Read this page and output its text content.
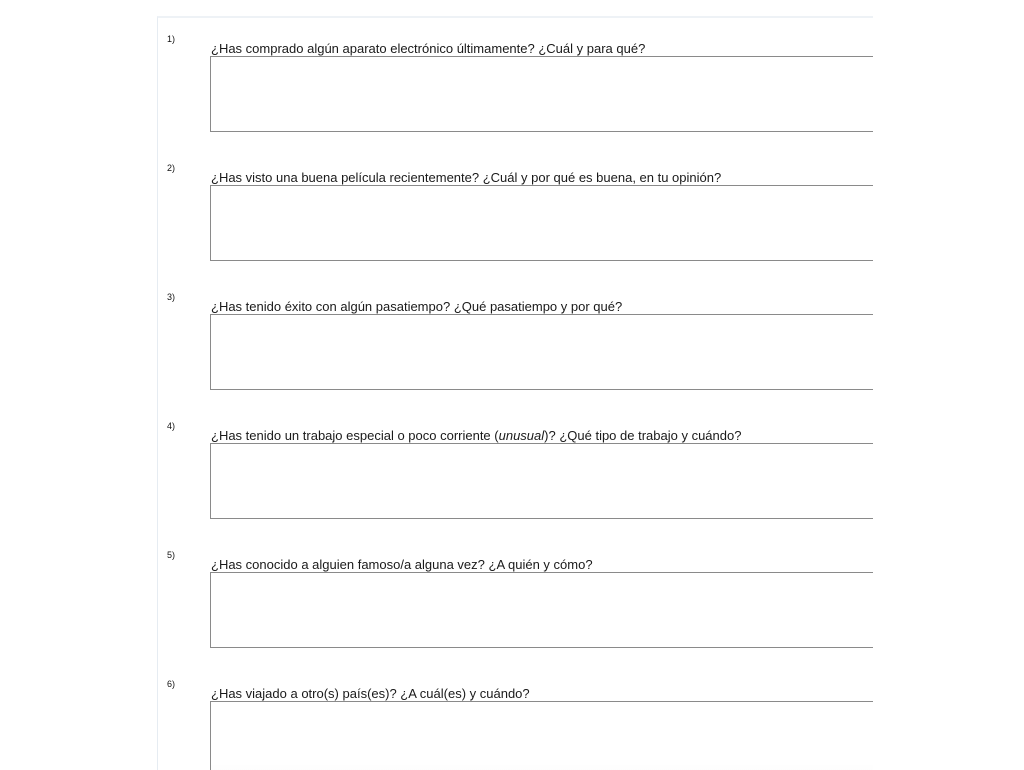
1)
¿Has comprado algún aparato electrónico últimamente? ¿Cuál y para qué?
2)
¿Has visto una buena película recientemente? ¿Cuál y por qué es buena, en tu opinión?
3)
¿Has tenido éxito con algún pasatiempo? ¿Qué pasatiempo y por qué?
4)
¿Has tenido un trabajo especial o poco corriente (unusual)? ¿Qué tipo de trabajo y cuándo?
5)
¿Has conocido a alguien famoso/a alguna vez? ¿A quién y cómo?
6)
¿Has viajado a otro(s) país(es)? ¿A cuál(es) y cuándo?
